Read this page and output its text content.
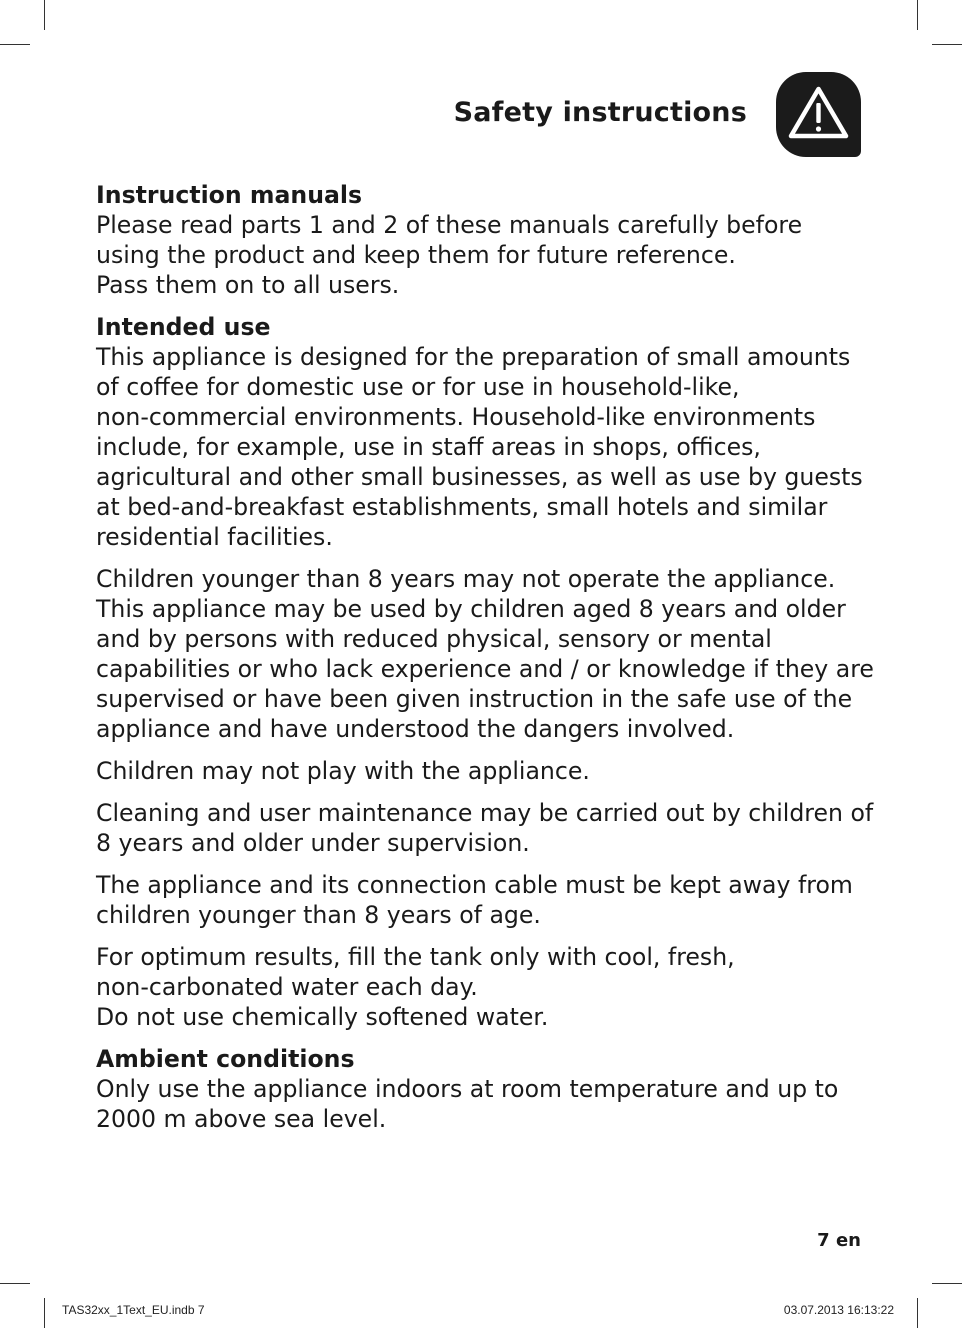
Safety instructions
Instruction manuals

Please read parts 1 and 2 of these manuals carefully before
using the product and keep them for future reference.
Pass them on to all users.

Intended use

This appliance is designed for the preparation of small amounts
of coffee for domestic use or for use in household-like,
non-commercial environments. Household-like environments
include, for example, use in staff areas in shops, offices,
agricultural and other small businesses, as well as use by guests
at bed-and-breakfast establishments, small hotels and similar
residential facilities.

Children younger than 8 years may not operate the appliance.
This appliance may be used by children aged 8 years and older
and by persons with reduced physical, sensory or mental
capabilities or who lack experience and / or knowledge if they are
supervised or have been given instruction in the safe use of the
appliance and have understood the dangers involved.

Children may not play with the appliance.

Cleaning and user maintenance may be carried out by children of
8 years and older under supervision.

The appliance and its connection cable must be kept away from
children younger than 8 years of age.

For optimum results, fill the tank only with cool, fresh,
non-carbonated water each day.
Do not use chemically softened water.

Ambient conditions

Only use the appliance indoors at room temperature and up to
2000 m above sea level.

7 en
TAS32xx_1Text_EU.indb 7	03.07.2013 16:13:22
